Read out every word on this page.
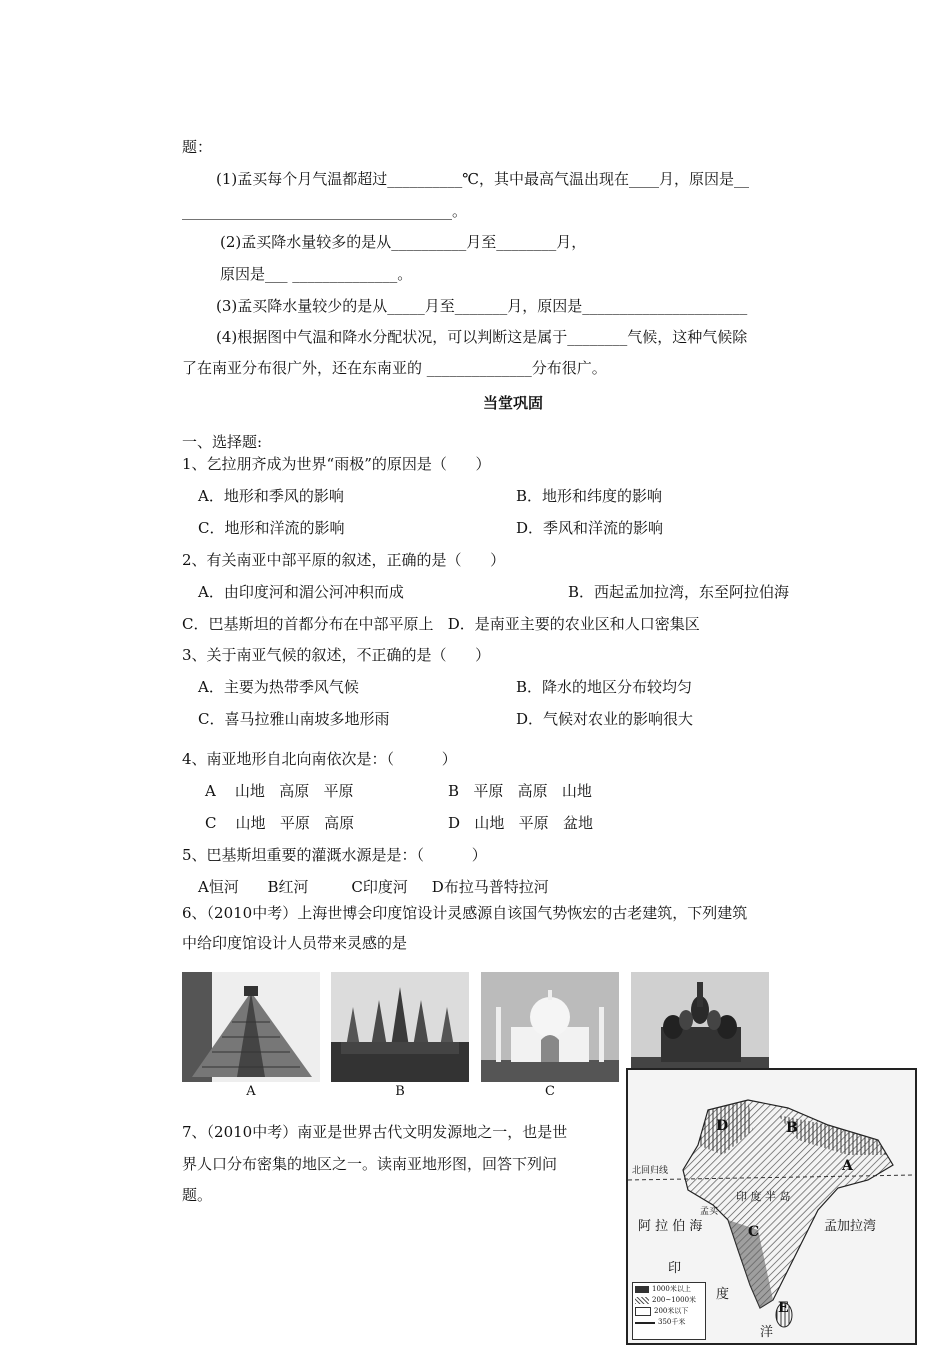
题：
(1)孟买每个月气温都超过__________℃，其中最高气温出现在____月，原因是__
____________________________________。
(2)孟买降水量较多的是从__________月至________月，
原因是___ ______________。
(3)孟买降水量较少的是从_____月至_______月，原因是______________________
(4)根据图中气温和降水分配状况，可以判断这是属于________气候，这种气候除
了在南亚分布很广外，还在东南亚的 ______________分布很广。
当堂巩固
一、选择题:
1、乞拉朋齐成为世界“雨极”的原因是（      ）
A．地形和季风的影响	B．地形和纬度的影响
C．地形和洋流的影响	D．季风和洋流的影响
2、有关南亚中部平原的叙述，正确的是（      ）
A．由印度河和湄公河冲积而成	B．西起孟加拉湾，东至阿拉伯海
C．巴基斯坦的首都分布在中部平原上   D．是南亚主要的农业区和人口密集区
3、关于南亚气候的叙述，不正确的是（      ）
A．主要为热带季风气候	B．降水的地区分布较均匀
C．喜马拉雅山南坡多地形雨	D．气候对农业的影响很大
4、南亚地形自北向南依次是：（          ）
A    山地   高原   平原	B   平原   高原   山地
C    山地   平原   高原	D   山地   平原   盆地
5、巴基斯坦重要的灌溉水源是是：（          ）
A恒河      B红河         C印度河     D布拉马普特拉河
6、（2010中考）上海世博会印度馆设计灵感源自该国气势恢宏的古老建筑，下列建筑
中给印度馆设计人员带来灵感的是
A	B	C
7、（2010中考）南亚是世界古代文明发源地之一，也是世
界人口分布密集的地区之一。读南亚地形图，回答下列问
题。
D	B
A
C
E
北回归线
印 度 半 岛
孟买
阿 拉 伯 海	孟加拉湾
印
度
洋
1000米以上
200~1000米
200米以下
350千米
